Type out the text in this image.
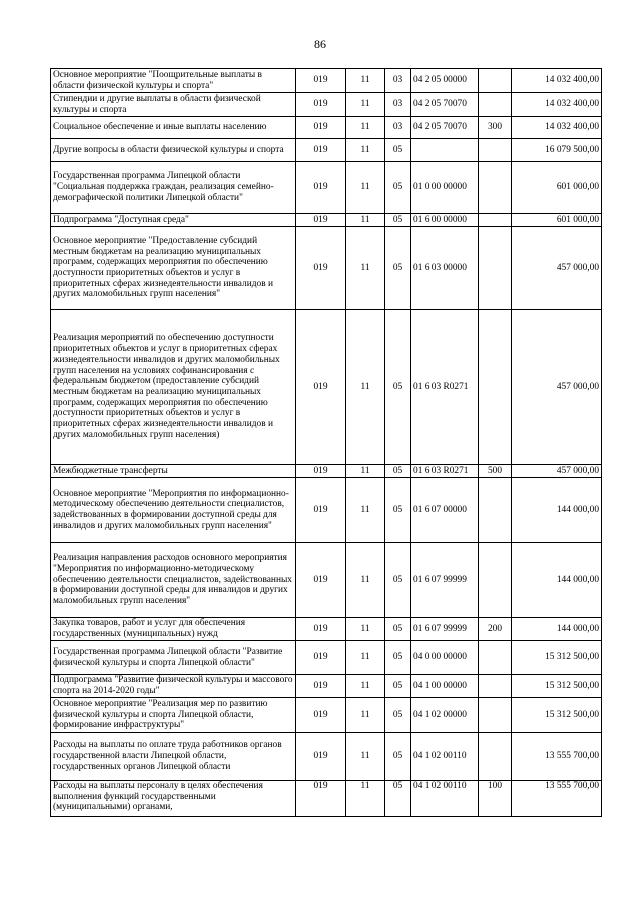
86
Основное мероприятие "Поощрительные выплаты в области физической культуры и спорта"	019	11	03	04 2 05 00000		14 032 400,00
Стипендии и другие выплаты в области физической культуры и спорта	019	11	03	04 2 05 70070		14 032 400,00
Социальное обеспечение и иные выплаты населению	019	11	03	04 2 05 70070	300	14 032 400,00
Другие вопросы в области физической культуры и спорта	019	11	05			16 079 500,00
Государственная программа Липецкой области "Социальная поддержка граждан, реализация семейно-демографической политики Липецкой области"	019	11	05	01 0 00 00000		601 000,00
Подпрограмма "Доступная среда"	019	11	05	01 6 00 00000		601 000,00
Основное мероприятие "Предоставление субсидий местным бюджетам на реализацию муниципальных программ, содержащих мероприятия по обеспечению доступности приоритетных объектов и услуг в приоритетных сферах жизнедеятельности инвалидов и других маломобильных групп населения"	019	11	05	01 6 03 00000		457 000,00
Реализация мероприятий по обеспечению доступности приоритетных объектов и услуг в приоритетных сферах жизнедеятельности инвалидов и других маломобильных групп населения на условиях софинансирования с федеральным бюджетом (предоставление субсидий местным бюджетам на реализацию муниципальных программ, содержащих мероприятия по обеспечению доступности приоритетных объектов и услуг в приоритетных сферах жизнедеятельности инвалидов и других маломобильных групп населения)	019	11	05	01 6 03 R0271		457 000,00
Межбюджетные трансферты	019	11	05	01 6 03 R0271	500	457 000,00
Основное мероприятие "Мероприятия по информационно-методическому обеспечению деятельности специалистов, задействованных в формировании доступной среды для инвалидов и других маломобильных групп населения"	019	11	05	01 6 07 00000		144 000,00
Реализация направления расходов основного мероприятия "Мероприятия по информационно-методическому обеспечению деятельности специалистов, задействованных в формировании доступной среды для инвалидов и других маломобильных групп населения"	019	11	05	01 6 07 99999		144 000,00
Закупка товаров, работ и услуг для обеспечения государственных (муниципальных) нужд	019	11	05	01 6 07 99999	200	144 000,00
Государственная программа Липецкой области "Развитие физической культуры и спорта Липецкой области"	019	11	05	04 0 00 00000		15 312 500,00
Подпрограмма "Развитие физической культуры и массового спорта на 2014-2020 годы"	019	11	05	04 1 00 00000		15 312 500,00
Основное мероприятие "Реализация мер по развитию физической культуры и спорта Липецкой области, формирование инфраструктуры"	019	11	05	04 1 02 00000		15 312 500,00
Расходы на выплаты по оплате труда работников органов государственной власти Липецкой области, государственных органов Липецкой области	019	11	05	04 1 02 00110		13 555 700,00
Расходы на выплаты персоналу в целях обеспечения выполнения функций государственными (муниципальными) органами,	019	11	05	04 1 02 00110	100	13 555 700,00
